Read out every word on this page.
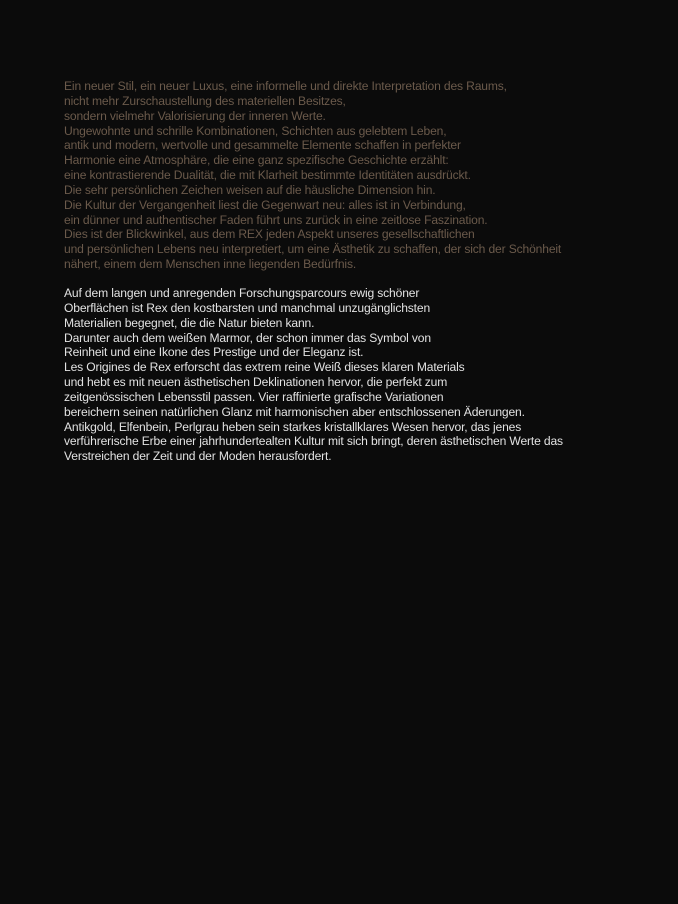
Ein neuer Stil, ein neuer Luxus, eine informelle und direkte Interpretation des Raums,
nicht mehr Zurschaustellung des materiellen Besitzes,
sondern vielmehr Valorisierung der inneren Werte.
Ungewohnte und schrille Kombinationen, Schichten aus gelebtem Leben,
antik und modern, wertvolle und gesammelte Elemente schaffen in perfekter
Harmonie eine Atmosphäre, die eine ganz spezifische Geschichte erzählt:
eine kontrastierende Dualität, die mit Klarheit bestimmte Identitäten ausdrückt.
Die sehr persönlichen Zeichen weisen auf die häusliche Dimension hin.
Die Kultur der Vergangenheit liest die Gegenwart neu: alles ist in Verbindung,
ein dünner und authentischer Faden führt uns zurück in eine zeitlose Faszination.
Dies ist der Blickwinkel, aus dem REX jeden Aspekt unseres gesellschaftlichen
und persönlichen Lebens neu interpretiert, um eine Ästhetik zu schaffen, der sich der Schönheit
nähert, einem dem Menschen inne liegenden Bedürfnis.
Auf dem langen und anregenden Forschungsparcours ewig schöner
Oberflächen ist Rex den kostbarsten und manchmal unzugänglichsten
Materialien begegnet, die die Natur bieten kann.
Darunter auch dem weißen Marmor, der schon immer das Symbol von
Reinheit und eine Ikone des Prestige und der Eleganz ist.
Les Origines de Rex erforscht das extrem reine Weiß dieses klaren Materials
und hebt es mit neuen ästhetischen Deklinationen hervor, die perfekt zum
zeitgenössischen Lebensstil passen. Vier raffinierte grafische Variationen
bereichern seinen natürlichen Glanz mit harmonischen aber entschlossenen Äderungen.
Antikgold, Elfenbein, Perlgrau heben sein starkes kristallklares Wesen hervor, das jenes
verführerische Erbe einer jahrhundertealten Kultur mit sich bringt, deren ästhetischen Werte das
Verstreichen der Zeit und der Moden herausfordert.
